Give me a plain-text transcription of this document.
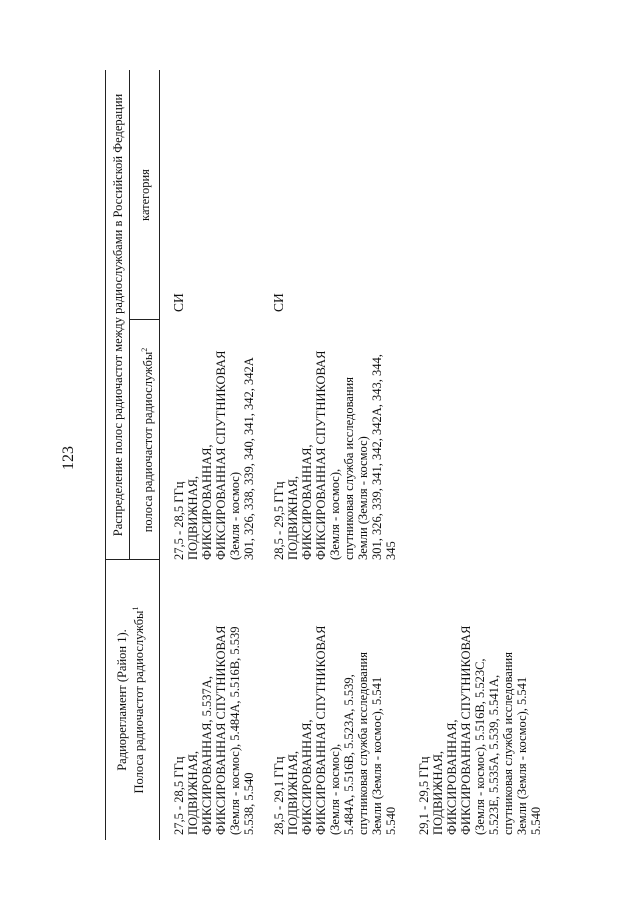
123
Радиорегламент (Район 1). Полоса радиочастот радиослужбы$^1$
Распределение полос радиочастот между радиослужбами в Российской Федерации полоса радиочастот радиослужбы$^2$
категория
27,5 - 28,5 ГГц ПОДВИЖНАЯ, ФИКСИРОВАННАЯ, 5.537А, ФИКСИРОВАННАЯ СПУТНИКОВАЯ (Земля - космос), 5.484А, 5.516В, 5.539 5.538, 5.540
27,5 - 28,5 ГГц ПОДВИЖНАЯ, ФИКСИРОВАННАЯ, ФИКСИРОВАННАЯ СПУТНИКОВАЯ (Земля - космос) 301, 326, 338, 339, 340, 341, 342, 342А
СИ
28,5 - 29,1 ГГц ПОДВИЖНАЯ, ФИКСИРОВАННАЯ, ФИКСИРОВАННАЯ СПУТНИКОВАЯ (Земля - космос), 5.484А, 5.516В, 5.523А, 5.539, спутниковая служба исследования Земли (Земля - космос), 5.541 5.540
28,5 - 29,5 ГГц ПОДВИЖНАЯ, ФИКСИРОВАННАЯ, ФИКСИРОВАННАЯ СПУТНИКОВАЯ (Земля - космос), спутниковая служба исследования Земли (Земля - космос) 301, 326, 339, 341, 342, 342А, 343, 344, 345
СИ
29,1 - 29,5 ГГц ПОДВИЖНАЯ, ФИКСИРОВАННАЯ, ФИКСИРОВАННАЯ СПУТНИКОВАЯ (Земля - космос), 5.516В, 5.523С, 5.523Е, 5.535А, 5.539, 5.541А, спутниковая служба исследования Земли (Земля - космос), 5.541 5.540
